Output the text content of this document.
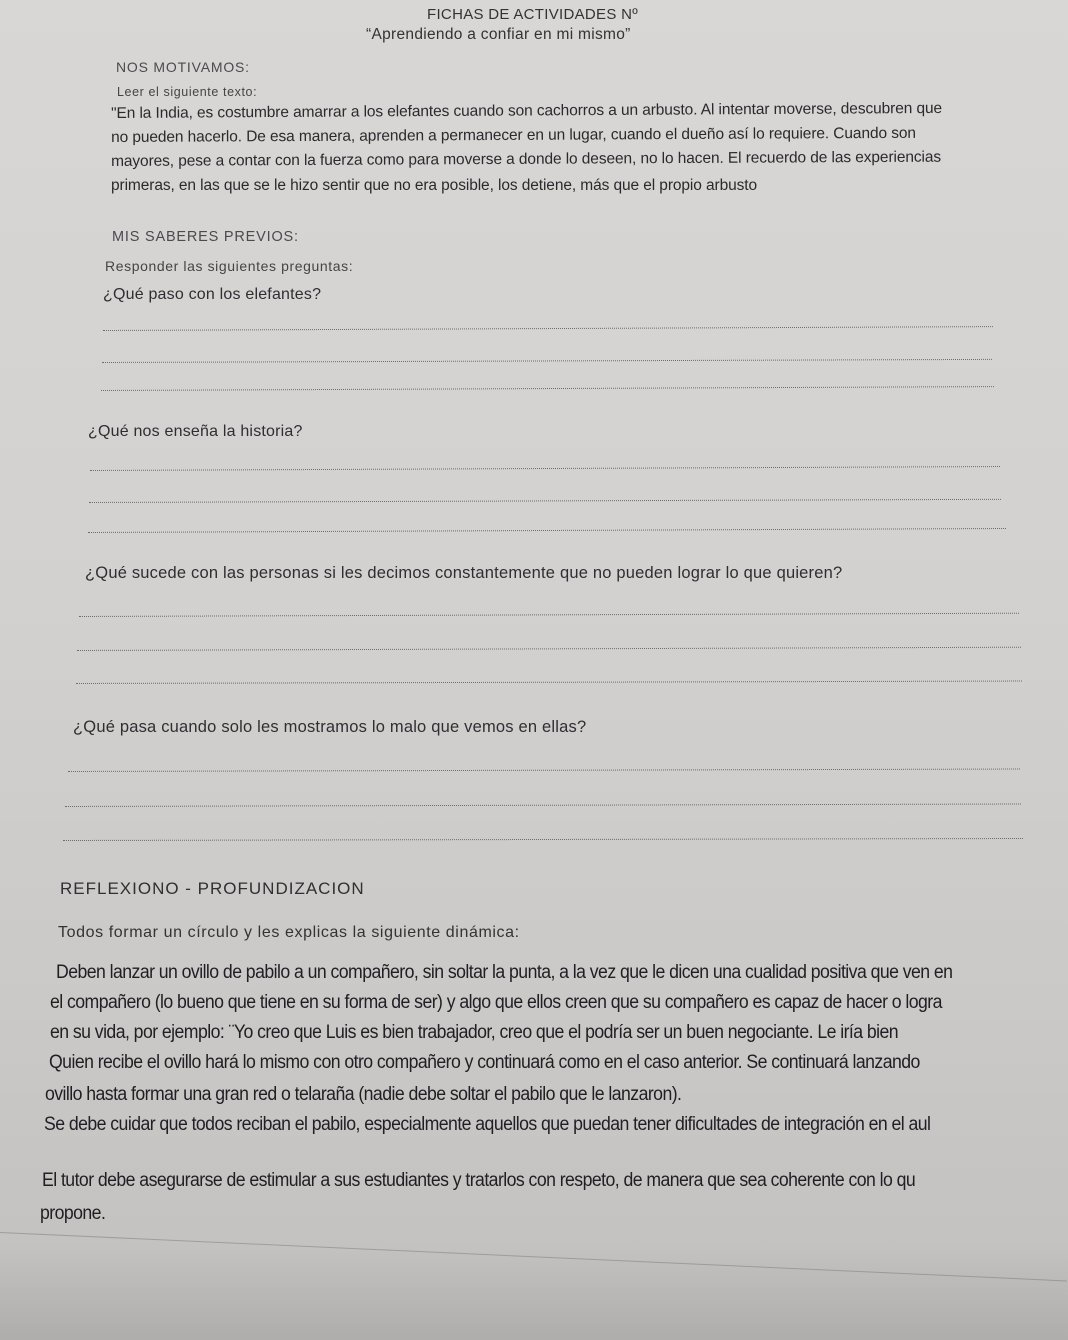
FICHAS DE ACTIVIDADES Nº
“Aprendiendo a confiar en mi mismo”
NOS MOTIVAMOS:
Leer el siguiente texto:
"En la India, es costumbre amarrar a los elefantes cuando son cachorros a un arbusto. Al intentar moverse, descubren que
no pueden hacerlo. De esa manera, aprenden a permanecer en un lugar, cuando el dueño así lo requiere. Cuando son
mayores, pese a contar con la fuerza como para moverse a donde lo deseen, no lo hacen. El recuerdo de las experiencias
primeras, en las que se le hizo sentir que no era posible, los detiene, más que el propio arbusto
MIS SABERES PREVIOS:
Responder las siguientes preguntas:
¿Qué paso con los elefantes?
¿Qué nos enseña la historia?
¿Qué sucede con las personas si les decimos constantemente que no pueden lograr lo que quieren?
¿Qué pasa cuando solo les mostramos lo malo que vemos en ellas?
REFLEXIONO - PROFUNDIZACION
Todos formar un círculo y les explicas la siguiente dinámica:
Deben lanzar un ovillo de pabilo a un compañero, sin soltar la punta, a la vez que le dicen una cualidad positiva que ven en
el compañero (lo bueno que tiene en su forma de ser) y algo que ellos creen que su compañero es capaz de hacer o logra
en su vida, por ejemplo: ¨Yo creo que Luis es bien trabajador, creo que el podría ser un buen negociante. Le iría bien
Quien recibe el ovillo hará lo mismo con otro compañero y continuará como en el caso anterior. Se continuará lanzando
ovillo hasta formar una gran red o telaraña (nadie debe soltar el pabilo que le lanzaron).
Se debe cuidar que todos reciban el pabilo, especialmente aquellos que puedan tener dificultades de integración en el aul
El tutor debe asegurarse de estimular a sus estudiantes y tratarlos con respeto, de manera que sea coherente con lo qu
propone.
